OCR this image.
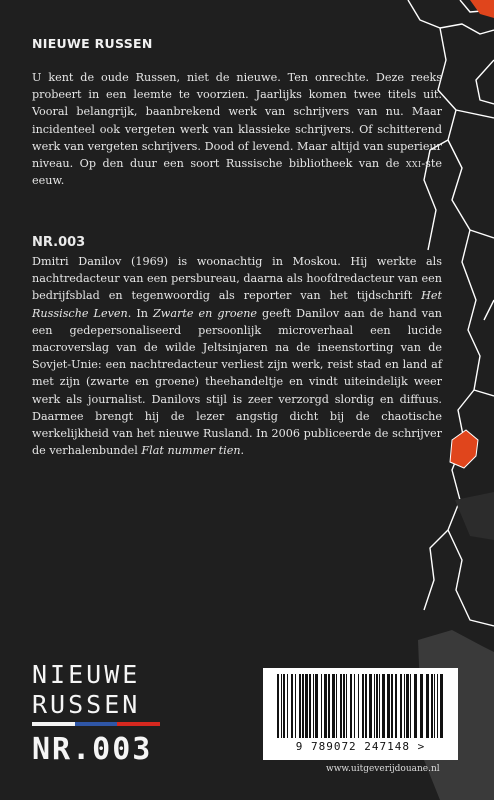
NIEUWE RUSSEN
U kent de oude Russen, niet de nieuwe. Ten onrechte. Deze reeks probeert in een leemte te voorzien. Jaarlijks komen twee titels uit. Vooral belangrijk, baanbrekend werk van schrijvers van nu. Maar incidenteel ook vergeten werk van klassieke schrijvers. Of schitterend werk van vergeten schrijvers. Dood of levend. Maar altijd van superieur niveau. Op den duur een soort Russische bibliotheek van de xxi-ste eeuw.
NR.003
Dmitri Danilov (1969) is woonachtig in Moskou. Hij werkte als nachtredacteur van een persbureau, daarna als hoofdredacteur van een bedrijfsblad en tegenwoordig als reporter van het tijdschrift Het Russische Leven. In Zwarte en groene geeft Danilov aan de hand van een gedepersonaliseerd persoonlijk microverhaal een lucide macroverslag van de wilde Jeltsinjaren na de ineenstorting van de Sovjet-Unie: een nachtredacteur verliest zijn werk, reist stad en land af met zijn (zwarte en groene) theehandeltje en vindt uiteindelijk weer werk als journalist. Danilovs stijl is zeer verzorgd slordig en diffuus. Daarmee brengt hij de lezer angstig dicht bij de chaotische werkelijkheid van het nieuwe Rusland. In 2006 publiceerde de schrijver de verhalenbundel Flat nummer tien.
NIEUWE
RUSSEN
NR.003	9 789072 247148 >
www.uitgeverijdouane.nl
